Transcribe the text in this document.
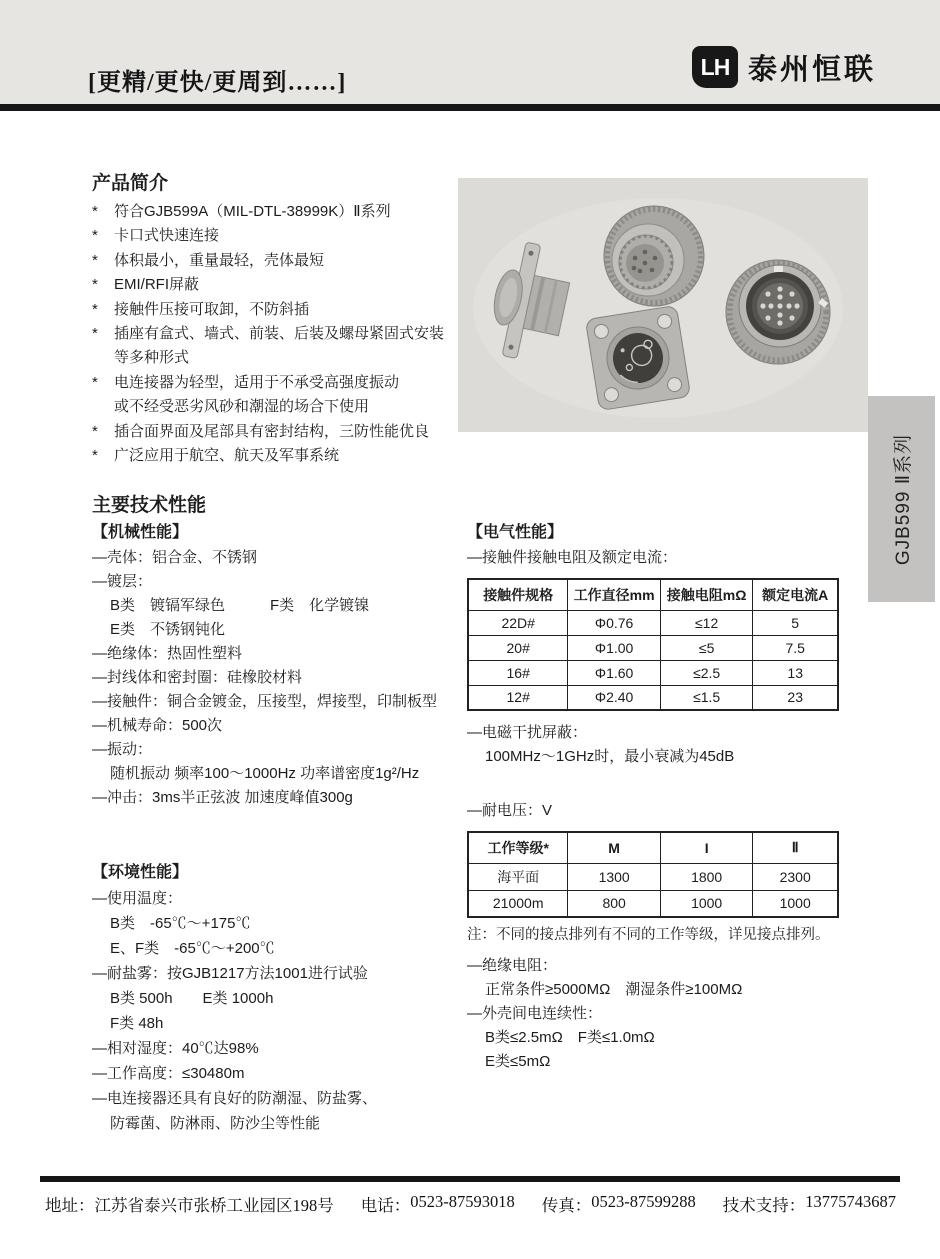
[更精/更快/更周到……]
LH 泰州恒联
产品简介
*	符合GJB599A（MIL-DTL-38999K）Ⅱ系列
*	卡口式快速连接
*	体积最小，重量最轻，壳体最短
*	EMI/RFI屏蔽
*	接触件压接可取卸，不防斜插
*	插座有盒式、墙式、前装、后装及螺母紧固式安装
等多种形式
*	电连接器为轻型，适用于不承受高强度振动
或不经受恶劣风砂和潮湿的场合下使用
*	插合面界面及尾部具有密封结构，三防性能优良
*	广泛应用于航空、航天及军事系统	GJB599 Ⅱ系列
主要技术性能
【机械性能】
—壳体：铝合金、不锈钢
—镀层：
B类　镀镉军绿色　　　F类　化学镀镍
E类　不锈钢钝化
—绝缘体：热固性塑料
—封线体和密封圈：硅橡胶材料
—接触件：铜合金镀金，压接型，焊接型，印制板型
—机械寿命：500次
—振动：
随机振动 频率100～1000Hz 功率谱密度1g²/Hz
—冲击：3ms半正弦波 加速度峰值300g
【电气性能】
—接触件接触电阻及额定电流：
接触件规格	工作直径mm	接触电阻mΩ	额定电流A
22D#	Φ0.76	≤12	5
20#	Φ1.00	≤5	7.5
16#	Φ1.60	≤2.5	13
12#	Φ2.40	≤1.5	23
—电磁干扰屏蔽：
100MHz～1GHz时，最小衰减为45dB
—耐电压：V
工作等级*	M	I	Ⅱ
海平面	1300	1800	2300
21000m	800	1000	1000
注：不同的接点排列有不同的工作等级，详见接点排列。
—绝缘电阻：
正常条件≥5000MΩ　潮湿条件≥100MΩ
—外壳间电连续性：
B类≤2.5mΩ　F类≤1.0mΩ
E类≤5mΩ
【环境性能】
—使用温度：
B类　-65℃～+175℃
E、F类　-65℃～+200℃
—耐盐雾：按GJB1217方法1001进行试验
B类 500h　　E类 1000h
F类 48h
—相对湿度：40℃达98%
—工作高度：≤30480m
—电连接器还具有良好的防潮湿、防盐雾、
防霉菌、防淋雨、防沙尘等性能
地址： 江苏省泰兴市张桥工业园区198号 电话： 0523-87593018 传真： 0523-87599288 技术支持： 13775743687
